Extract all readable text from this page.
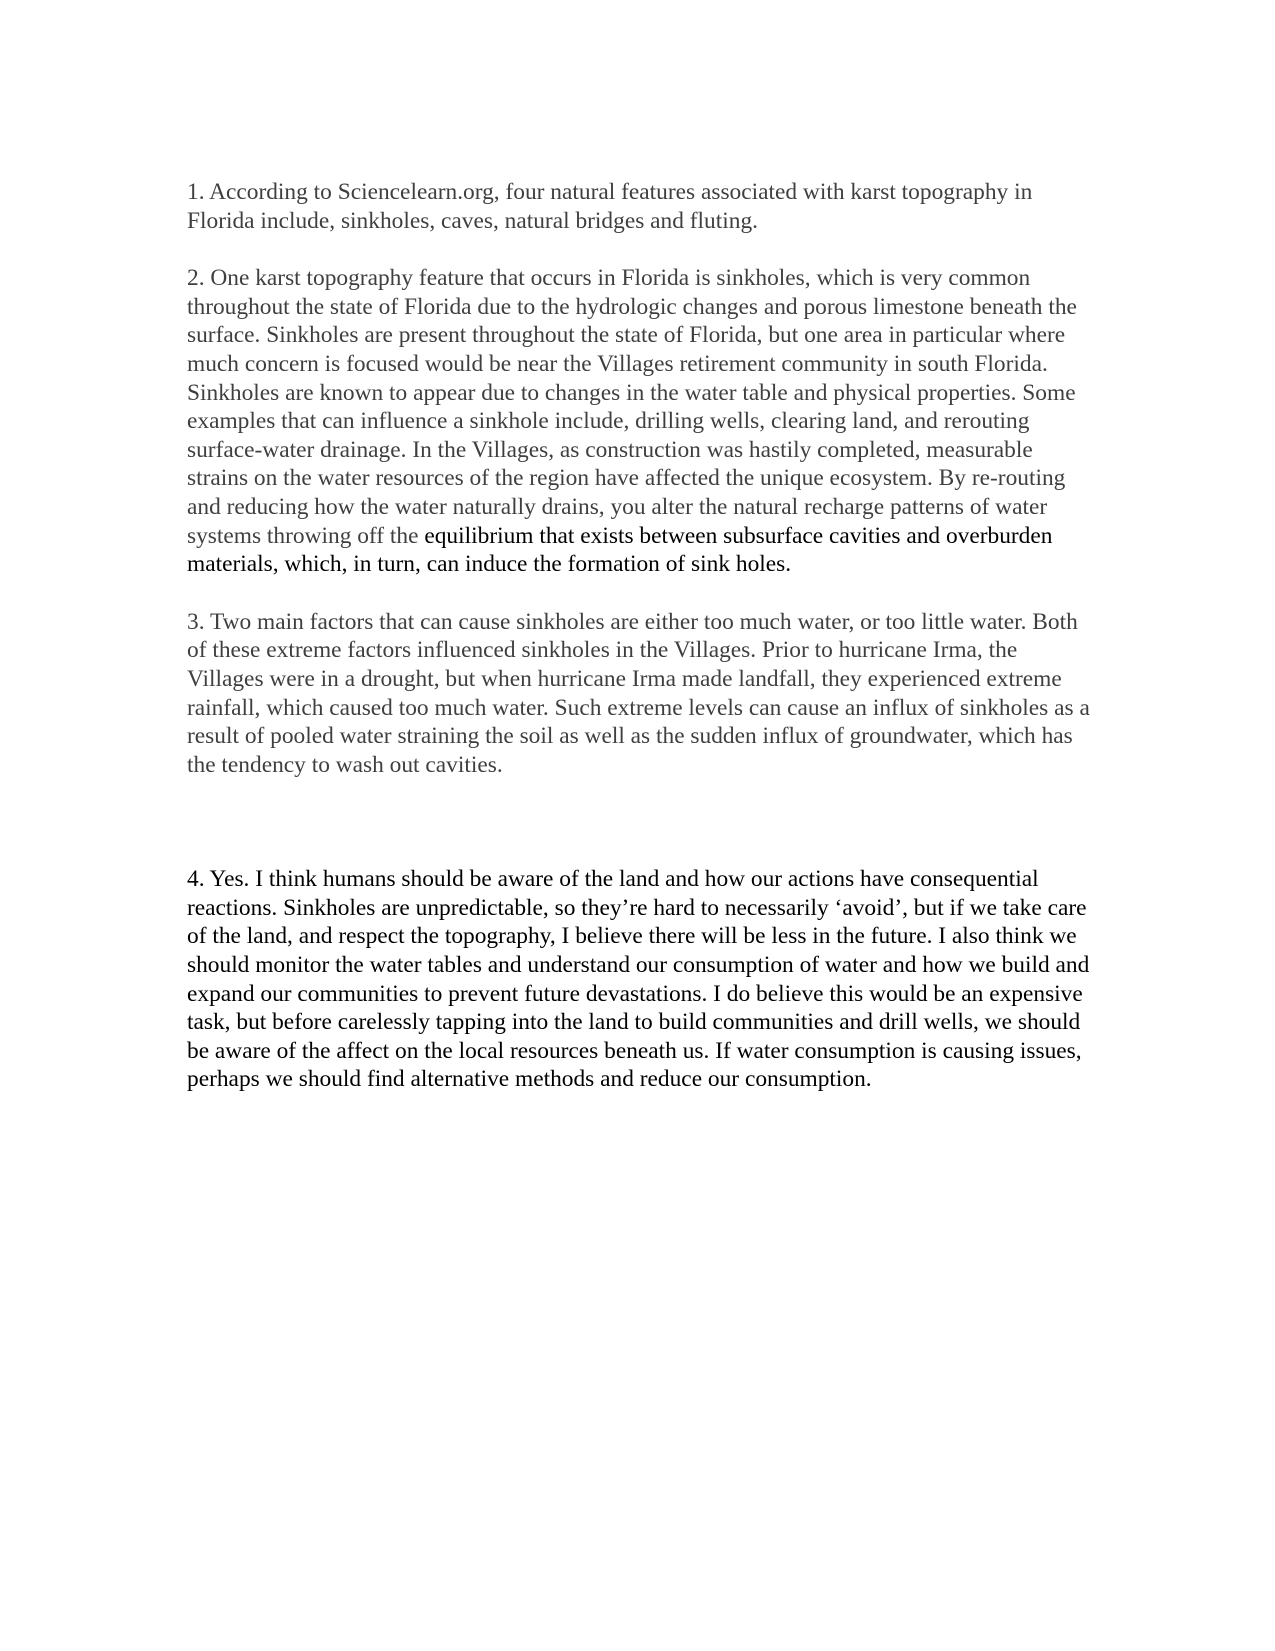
1. According to Sciencelearn.org, four natural features associated with karst topography in Florida include, sinkholes, caves, natural bridges and fluting.

2. One karst topography feature that occurs in Florida is sinkholes, which is very common throughout the state of Florida due to the hydrologic changes and porous limestone beneath the surface. Sinkholes are present throughout the state of Florida, but one area in particular where much concern is focused would be near the Villages retirement community in south Florida. Sinkholes are known to appear due to changes in the water table and physical properties. Some examples that can influence a sinkhole include, drilling wells, clearing land, and rerouting surface-water drainage. In the Villages, as construction was hastily completed, measurable strains on the water resources of the region have affected the unique ecosystem. By re-routing and reducing how the water naturally drains, you alter the natural recharge patterns of water systems throwing off the equilibrium that exists between subsurface cavities and overburden materials, which, in turn, can induce the formation of sink holes.

3. Two main factors that can cause sinkholes are either too much water, or too little water. Both of these extreme factors influenced sinkholes in the Villages. Prior to hurricane Irma, the Villages were in a drought, but when hurricane Irma made landfall, they experienced extreme rainfall, which caused too much water. Such extreme levels can cause an influx of sinkholes as a result of pooled water straining the soil as well as the sudden influx of groundwater, which has the tendency to wash out cavities.

4. Yes. I think humans should be aware of the land and how our actions have consequential reactions. Sinkholes are unpredictable, so they’re hard to necessarily ‘avoid’, but if we take care of the land, and respect the topography, I believe there will be less in the future. I also think we should monitor the water tables and understand our consumption of water and how we build and expand our communities to prevent future devastations. I do believe this would be an expensive task, but before carelessly tapping into the land to build communities and drill wells, we should be aware of the affect on the local resources beneath us. If water consumption is causing issues, perhaps we should find alternative methods and reduce our consumption.
